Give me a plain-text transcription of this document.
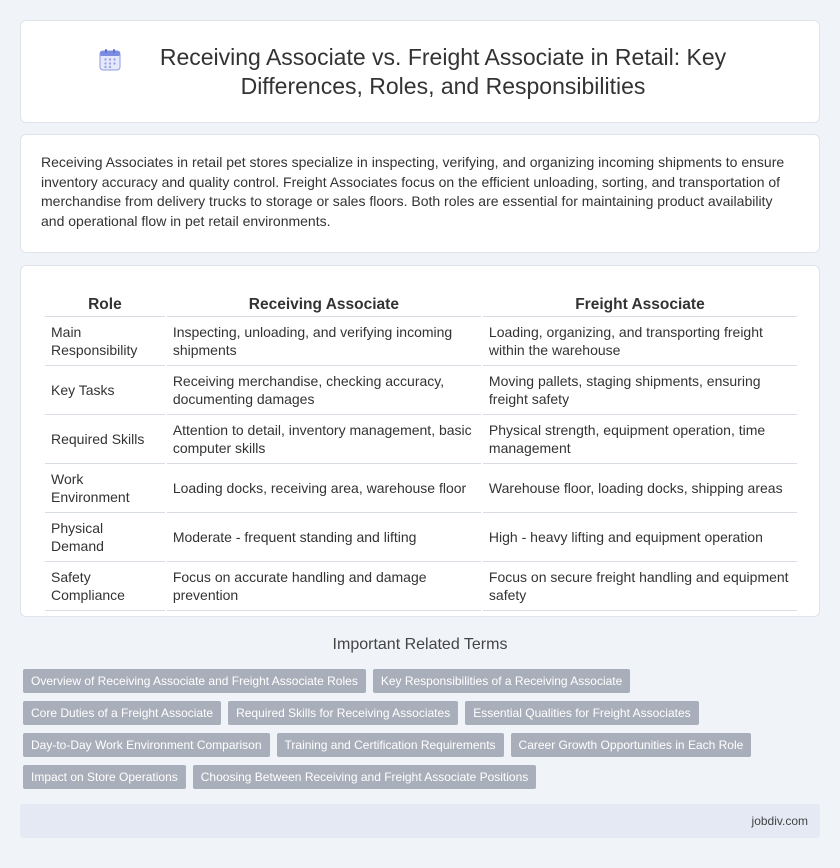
Receiving Associate vs. Freight Associate in Retail: Key Differences, Roles, and Responsibilities

Receiving Associates in retail pet stores specialize in inspecting, verifying, and organizing incoming shipments to ensure inventory accuracy and quality control. Freight Associates focus on the efficient unloading, sorting, and transportation of merchandise from delivery trucks to storage or sales floors. Both roles are essential for maintaining product availability and operational flow in pet retail environments.

Role	Receiving Associate	Freight Associate
Main Responsibility	Inspecting, unloading, and verifying incoming shipments	Loading, organizing, and transporting freight within the warehouse
Key Tasks	Receiving merchandise, checking accuracy, documenting damages	Moving pallets, staging shipments, ensuring freight safety
Required Skills	Attention to detail, inventory management, basic computer skills	Physical strength, equipment operation, time management
Work Environment	Loading docks, receiving area, warehouse floor	Warehouse floor, loading docks, shipping areas
Physical Demand	Moderate - frequent standing and lifting	High - heavy lifting and equipment operation
Safety Compliance	Focus on accurate handling and damage prevention	Focus on secure freight handling and equipment safety
Important Related Terms
Overview of Receiving Associate and Freight Associate Roles	Key Responsibilities of a Receiving Associate
Core Duties of a Freight Associate	Required Skills for Receiving Associates	Essential Qualities for Freight Associates
Day-to-Day Work Environment Comparison	Training and Certification Requirements	Career Growth Opportunities in Each Role
Impact on Store Operations	Choosing Between Receiving and Freight Associate Positions
jobdiv.com
